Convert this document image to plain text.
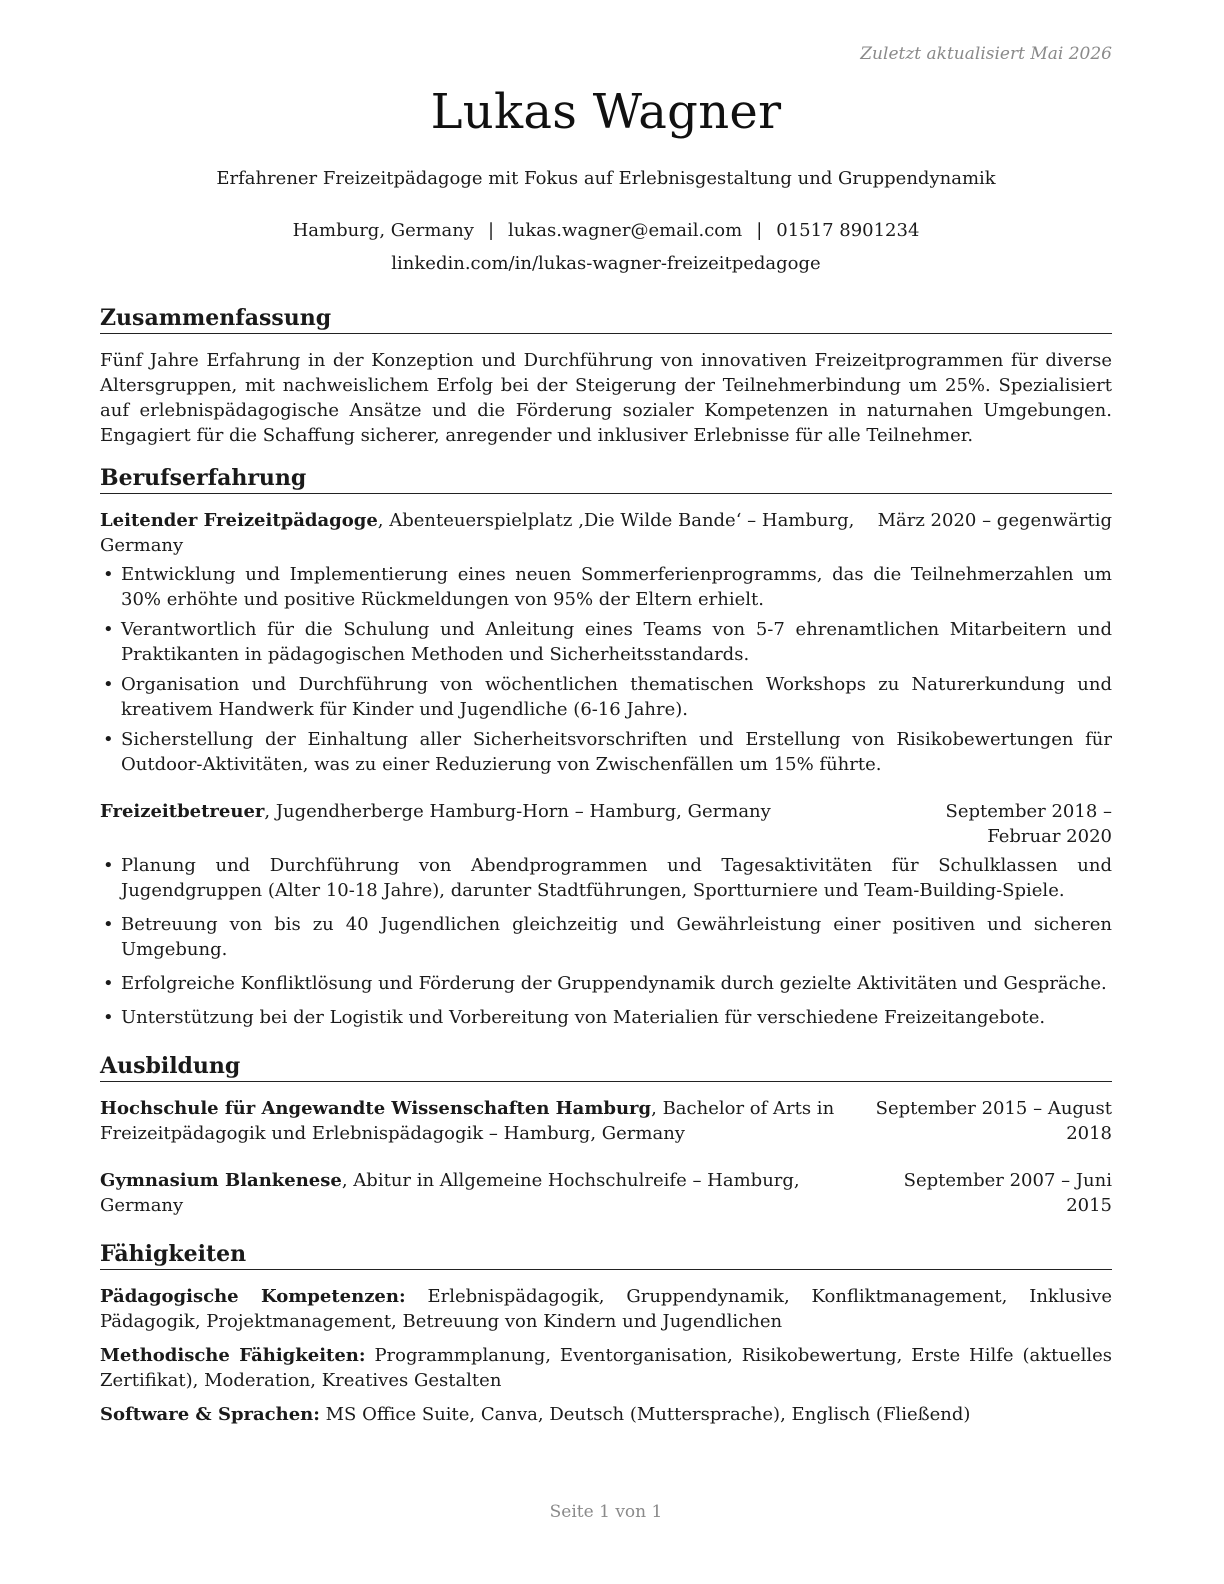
Zuletzt aktualisiert Mai 2026
Lukas Wagner
Erfahrener Freizeitpädagoge mit Fokus auf Erlebnisgestaltung und Gruppendynamik
Hamburg, Germany | lukas.wagner@email.com | 01517 8901234
linkedin.com/in/lukas-wagner-freizeitpedagoge
Zusammenfassung
Fünf Jahre Erfahrung in der Konzeption und Durchführung von innovativen Freizeitprogrammen für diverse Altersgruppen, mit nachweislichem Erfolg bei der Steigerung der Teilnehmerbindung um 25%. Spezialisiert auf erlebnispädagogische Ansätze und die Förderung sozialer Kompetenzen in naturnahen Umgebungen. Engagiert für die Schaffung sicherer, anregender und inklusiver Erlebnisse für alle Teilnehmer.
Berufserfahrung
Leitender Freizeitpädagoge, Abenteuerspielplatz ‚Die Wilde Bande‘ – Hamburg, Germany
März 2020 – gegenwärtig
• Entwicklung und Implementierung eines neuen Sommerferienprogramms, das die Teilnehmerzahlen um 30% erhöhte und positive Rückmeldungen von 95% der Eltern erhielt.
• Verantwortlich für die Schulung und Anleitung eines Teams von 5-7 ehrenamtlichen Mitarbeitern und Praktikanten in pädagogischen Methoden und Sicherheitsstandards.
• Organisation und Durchführung von wöchentlichen thematischen Workshops zu Naturerkundung und kreativem Handwerk für Kinder und Jugendliche (6-16 Jahre).
• Sicherstellung der Einhaltung aller Sicherheitsvorschriften und Erstellung von Risikobewertungen für Outdoor-Aktivitäten, was zu einer Reduzierung von Zwischenfällen um 15% führte.
Freizeitbetreuer, Jugendherberge Hamburg-Horn – Hamburg, Germany	September 2018 – Februar 2020
• Planung und Durchführung von Abendprogrammen und Tagesaktivitäten für Schulklassen und Jugendgruppen (Alter 10-18 Jahre), darunter Stadtführungen, Sportturniere und Team-Building-Spiele.
• Betreuung von bis zu 40 Jugendlichen gleichzeitig und Gewährleistung einer positiven und sicheren Umgebung.
• Erfolgreiche Konfliktlösung und Förderung der Gruppendynamik durch gezielte Aktivitäten und Gespräche.
• Unterstützung bei der Logistik und Vorbereitung von Materialien für verschiedene Freizeitangebote.
Ausbildung
Hochschule für Angewandte Wissenschaften Hamburg, Bachelor of Arts in Freizeitpädagogik und Erlebnispädagogik – Hamburg, Germany
September 2015 – August 2018
Gymnasium Blankenese, Abitur in Allgemeine Hochschulreife – Hamburg, Germany
September 2007 – Juni 2015
Fähigkeiten
Pädagogische Kompetenzen: Erlebnispädagogik, Gruppendynamik, Konfliktmanagement, Inklusive Pädagogik, Projektmanagement, Betreuung von Kindern und Jugendlichen
Methodische Fähigkeiten: Programmplanung, Eventorganisation, Risikobewertung, Erste Hilfe (aktuelles Zertifikat), Moderation, Kreatives Gestalten
Software & Sprachen: MS Office Suite, Canva, Deutsch (Muttersprache), Englisch (Fließend)
Seite 1 von 1
